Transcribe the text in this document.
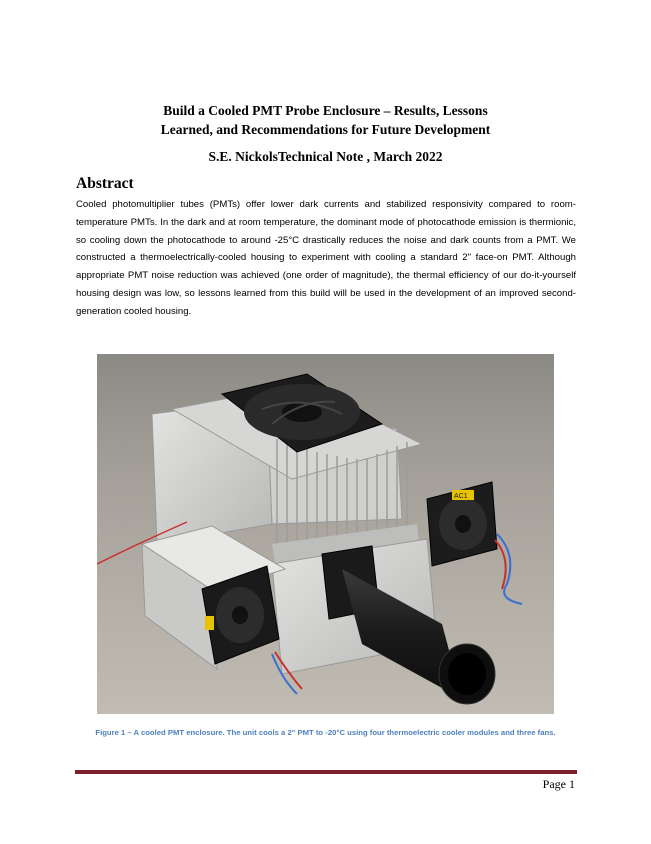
Build a Cooled PMT Probe Enclosure – Results, Lessons
Learned, and Recommendations for Future Development
S.E. NickolsTechnical Note , March 2022
Abstract
Cooled photomultiplier tubes (PMTs) offer lower dark currents and stabilized responsivity compared to room-temperature PMTs. In the dark and at room temperature, the dominant mode of photocathode emission is thermionic, so cooling down the photocathode to around -25°C drastically reduces the noise and dark counts from a PMT. We constructed a thermoelectrically-cooled housing to experiment with cooling a standard 2" face-on PMT. Although appropriate PMT noise reduction was achieved (one order of magnitude), the thermal efficiency of our do-it-yourself housing design was low, so lessons learned from this build will be used in the development of an improved second-generation cooled housing.
AC1
Figure 1 – A cooled PMT enclosure. The unit cools a 2" PMT to -20°C using four thermoelectric cooler modules and three fans.
Page 1
